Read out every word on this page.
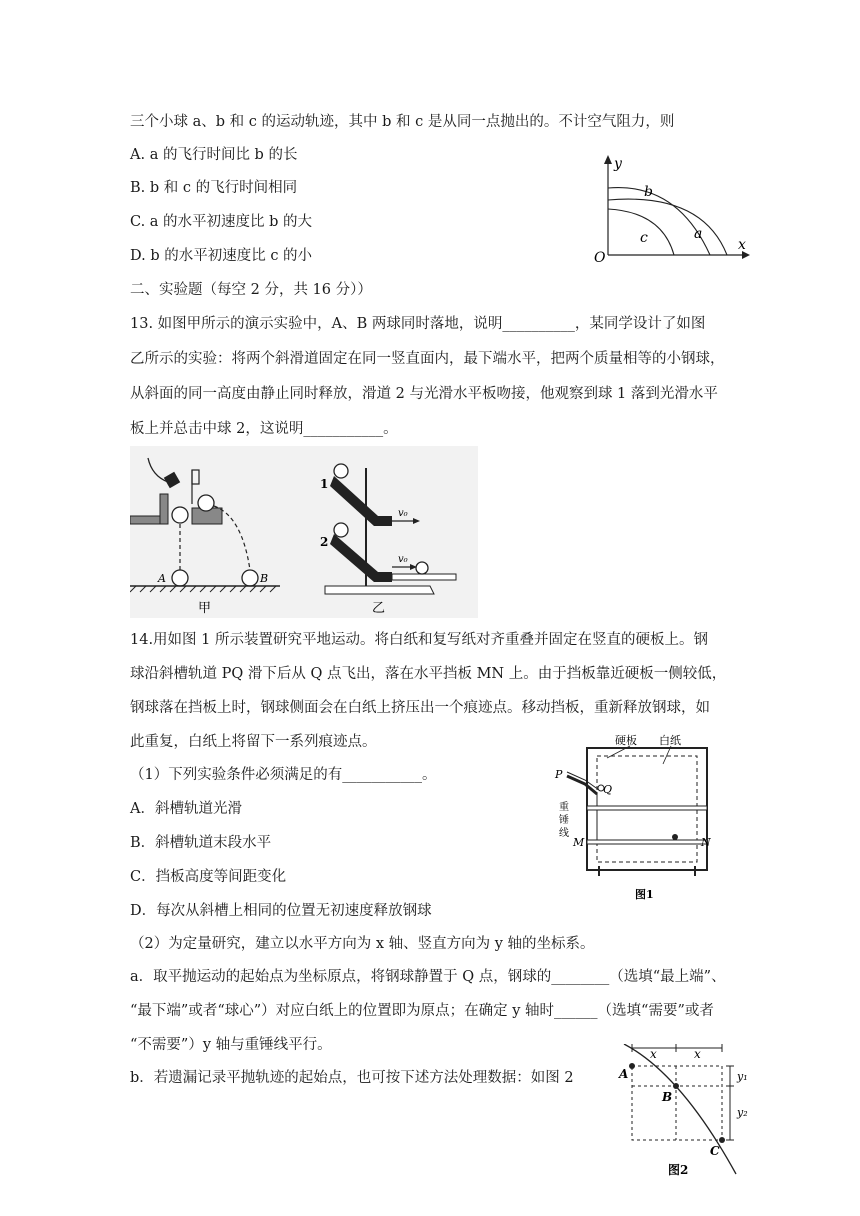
三个小球 a、b 和 c 的运动轨迹，其中 b 和 c 是从同一点抛出的。不计空气阻力，则
A. a 的飞行时间比 b 的长
B. b 和 c 的飞行时间相同
C. a 的水平初速度比 b 的大
D. b 的水平初速度比 c 的小
y
x
O
b
c	a
二、实验题（每空 2 分，共 16 分））
13. 如图甲所示的演示实验中，A、B 两球同时落地，说明__________，某同学设计了如图
乙所示的实验：将两个斜滑道固定在同一竖直面内，最下端水平，把两个质量相等的小钢球，
从斜面的同一高度由静止同时释放，滑道 2 与光滑水平板吻接，他观察到球 1 落到光滑水平
板上并总击中球 2，这说明___________。
A	B
甲
v₀
v₀
1
2
乙
14.用如图 1 所示装置研究平地运动。将白纸和复写纸对齐重叠并固定在竖直的硬板上。钢
球沿斜槽轨道 PQ 滑下后从 Q 点飞出，落在水平挡板 MN 上。由于挡板靠近硬板一侧较低，
钢球落在挡板上时，钢球侧面会在白纸上挤压出一个痕迹点。移动挡板，重新释放钢球，如
此重复，白纸上将留下一系列痕迹点。
（1）下列实验条件必须满足的有___________。
A．斜槽轨道光滑
B．斜槽轨道末段水平
C．挡板高度等间距变化
D．每次从斜槽上相同的位置无初速度释放钢球
（2）为定量研究，建立以水平方向为 x 轴、竖直方向为 y 轴的坐标系。
a．取平抛运动的起始点为坐标原点，将钢球静置于 Q 点，钢球的________（选填“最上端”、
“最下端”或者“球心”）对应白纸上的位置即为原点；在确定 y 轴时______（选填“需要”或者
“不需要”）y 轴与重锤线平行。
b．若遗漏记录平抛轨迹的起始点，也可按下述方法处理数据：如图 2
硬板 白纸
P
Q
M	N
重
锤
线
图1
x	x
y₁
y₂
A
B
C
图2
